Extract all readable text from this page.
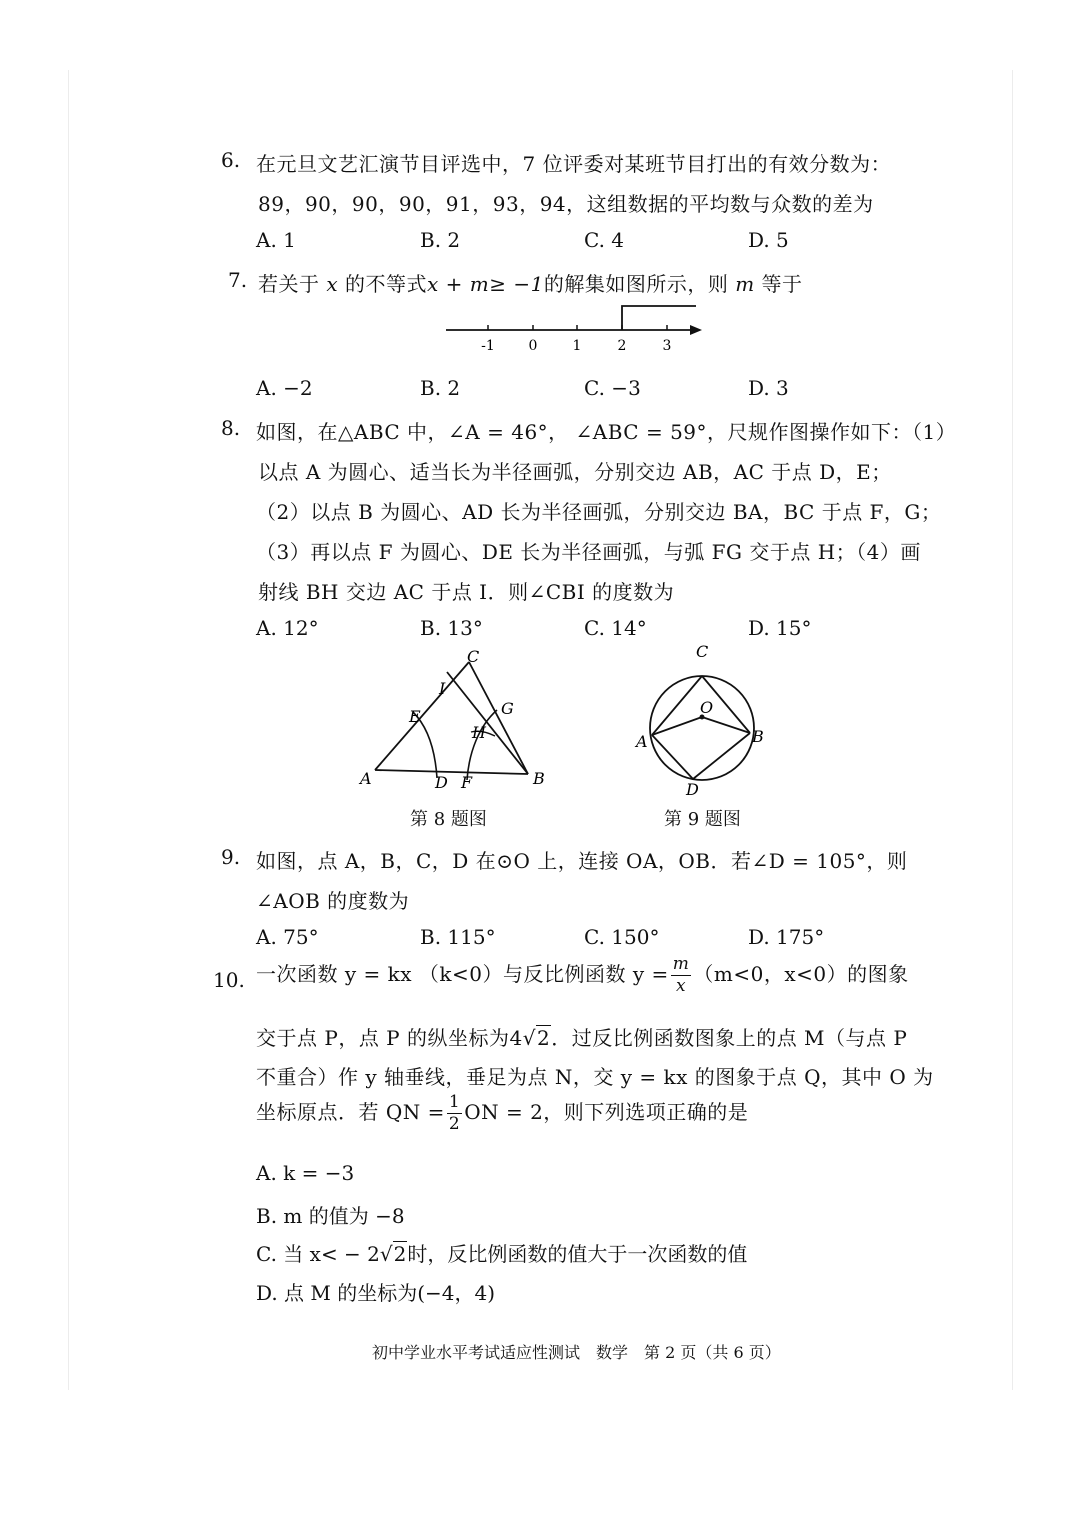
6. 在元旦文艺汇演节目评选中，7 位评委对某班节目打出的有效分数为：
89，90，90，90，91，93，94，这组数据的平均数与众数的差为
A. 1	B. 2	C. 4	D. 5
7. 若关于 x 的不等式x + m≥ −1的解集如图所示，则 m 等于
-1 0	1	2	3
A. −2	B. 2	C. −3	D. 3
8. 如图，在△ABC 中，∠A = 46°， ∠ABC = 59°，尺规作图操作如下：（1）
以点 A 为圆心、适当长为半径画弧，分别交边 AB，AC 于点 D，E；
（2）以点 B 为圆心、AD 长为半径画弧，分别交边 BA，BC 于点 F，G；
（3）再以点 F 为圆心、DE 长为半径画弧，与弧 FG 交于点 H；（4）画
射线 BH 交边 AC 于点 I．则∠CBI 的度数为
A. 12°	B. 13°	C. 14°	D. 15°
C
I
E	G
H
A	D F	B
第 8 题图
C
O
A	B
D
第 9 题图
9. 如图，点 A，B，C，D 在⊙O 上，连接 OA，OB．若∠D = 105°，则
∠AOB 的度数为
A. 75°	B. 115°	C. 150°	D. 175°
10. 一次函数 y = kx （k<0）与反比例函数 $y = \frac{m}{x} (m<0$，x<0）的图象
交于点 P，点 P 的纵坐标为4√2．过反比例函数图象上的点 M（与点 P
不重合）作 y 轴垂线，垂足为点 N，交 y = kx 的图象于点 Q，其中 O 为
坐标原点．若 QN = $\frac{1}{2}$ ON = 2，则下列选项正确的是
A. k = −3
B. m 的值为 −8
C. 当 x< − 2√2时，反比例函数的值大于一次函数的值
D. 点 M 的坐标为(−4，4)
初中学业水平考试适应性测试　数学　第 2 页（共 6 页）
